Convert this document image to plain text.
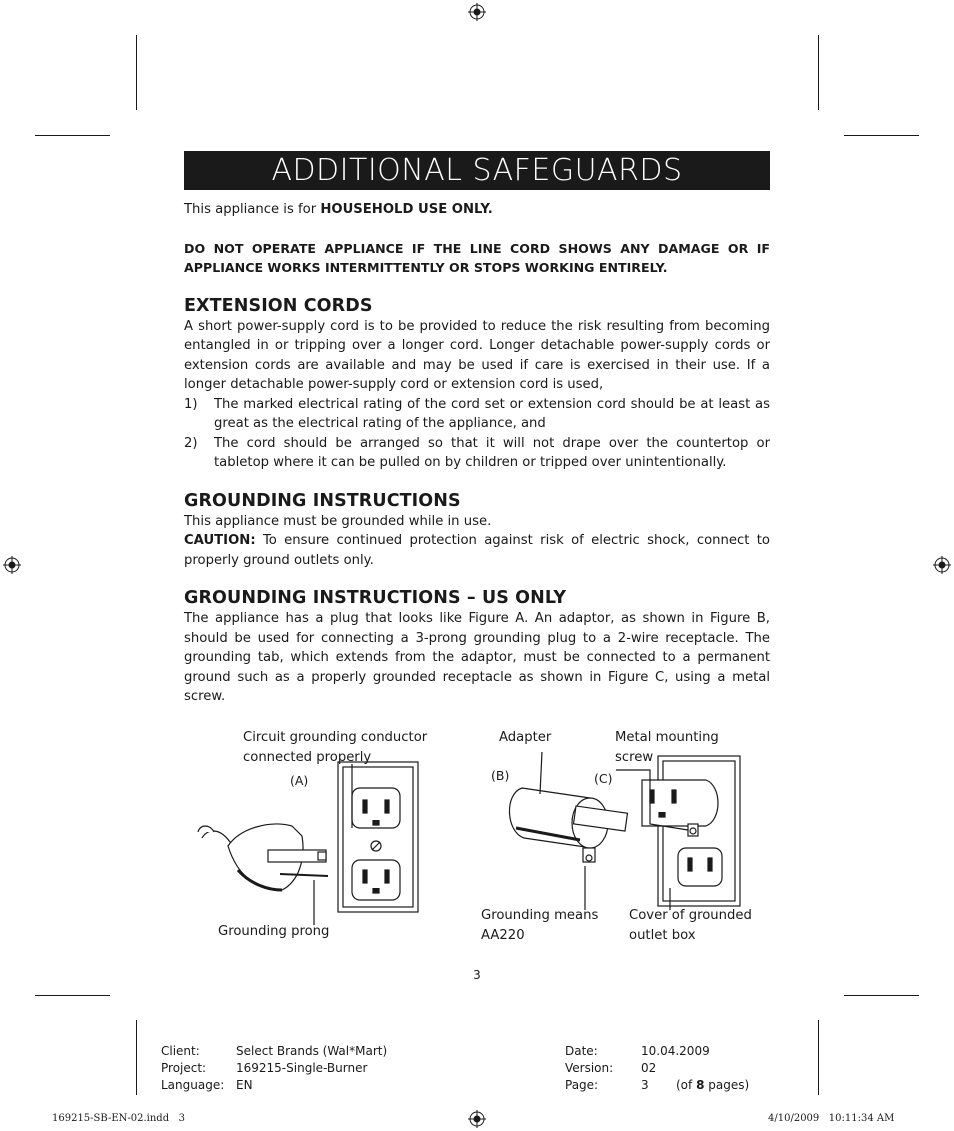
ADDITIONAL SAFEGUARDS

This appliance is for HOUSEHOLD USE ONLY.

DO NOT OPERATE APPLIANCE IF THE LINE CORD SHOWS ANY DAMAGE OR IF APPLIANCE WORKS INTERMITTENTLY OR STOPS WORKING ENTIRELY.

EXTENSION CORDS

A short power-supply cord is to be provided to reduce the risk resulting from becoming entangled in or tripping over a longer cord. Longer detachable power-supply cords or extension cords are available and may be used if care is exercised in their use. If a longer detachable power-supply cord or extension cord is used,

1) The marked electrical rating of the cord set or extension cord should be at least as great as the electrical rating of the appliance, and
2) The cord should be arranged so that it will not drape over the countertop or tabletop where it can be pulled on by children or tripped over unintentionally.
GROUNDING INSTRUCTIONS

This appliance must be grounded while in use.

CAUTION: To ensure continued protection against risk of electric shock, connect to properly ground outlets only.

GROUNDING INSTRUCTIONS – US ONLY

The appliance has a plug that looks like Figure A. An adaptor, as shown in Figure B, should be used for connecting a 3-prong grounding plug to a 2-wire receptacle. The grounding tab, which extends from the adaptor, must be connected to a permanent ground such as a properly grounded receptacle as shown in Figure C, using a metal screw.

Circuit grounding conductor
connected properly
(A)
Adapter	Metal mounting
screw
(B)	(C)
Grounding prong
Grounding means
AA220
Cover of grounded
outlet box
3
Client:	Select Brands (Wal*Mart)
Project: 169215-Single-Burner
Language: EN
Date:	10.04.2009
Version: 02
Page:	3 (of 8 pages)
169215-SB-EN-02.indd   3	4/10/2009   10:11:34 AM
